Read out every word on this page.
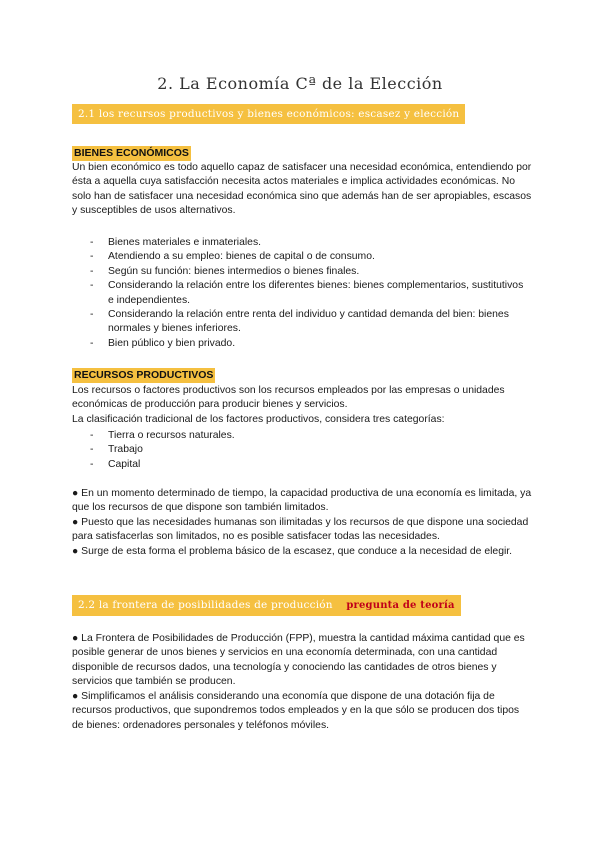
2. La Economía Cª de la Elección
2.1 los recursos productivos y bienes económicos: escasez y elección
BIENES ECONÓMICOS

Un bien económico es todo aquello capaz de satisfacer una necesidad económica, entendiendo por ésta a aquella cuya satisfacción necesita actos materiales e implica actividades económicas. No solo han de satisfacer una necesidad económica sino que además han de ser apropiables, escasos y susceptibles de usos alternativos.

- Bienes materiales e inmateriales.
- Atendiendo a su empleo: bienes de capital o de consumo.
- Según su función: bienes intermedios o bienes finales.
- Considerando la relación entre los diferentes bienes: bienes complementarios, sustitutivos e independientes.
- Considerando la relación entre renta del individuo y cantidad demanda del bien: bienes normales y bienes inferiores.
- Bien público y bien privado.
RECURSOS PRODUCTIVOS

Los recursos o factores productivos son los recursos empleados por las empresas o unidades económicas de producción para producir bienes y servicios.

La clasificación tradicional de los factores productivos, considera tres categorías:

- Tierra o recursos naturales.
- Trabajo
- Capital

● En un momento determinado de tiempo, la capacidad productiva de una economía es limitada, ya que los recursos de que dispone son también limitados.

● Puesto que las necesidades humanas son ilimitadas y los recursos de que dispone una sociedad para satisfacerlas son limitados, no es posible satisfacer todas las necesidades.

● Surge de esta forma el problema básico de la escasez, que conduce a la necesidad de elegir.

2.2 la frontera de posibilidades de producción pregunta de teoría

● La Frontera de Posibilidades de Producción (FPP), muestra la cantidad máxima cantidad que es posible generar de unos bienes y servicios en una economía determinada, con una cantidad disponible de recursos dados, una tecnología y conociendo las cantidades de otros bienes y servicios que también se producen.

● Simplificamos el análisis considerando una economía que dispone de una dotación fija de recursos productivos, que supondremos todos empleados y en la que sólo se producen dos tipos de bienes: ordenadores personales y teléfonos móviles.
